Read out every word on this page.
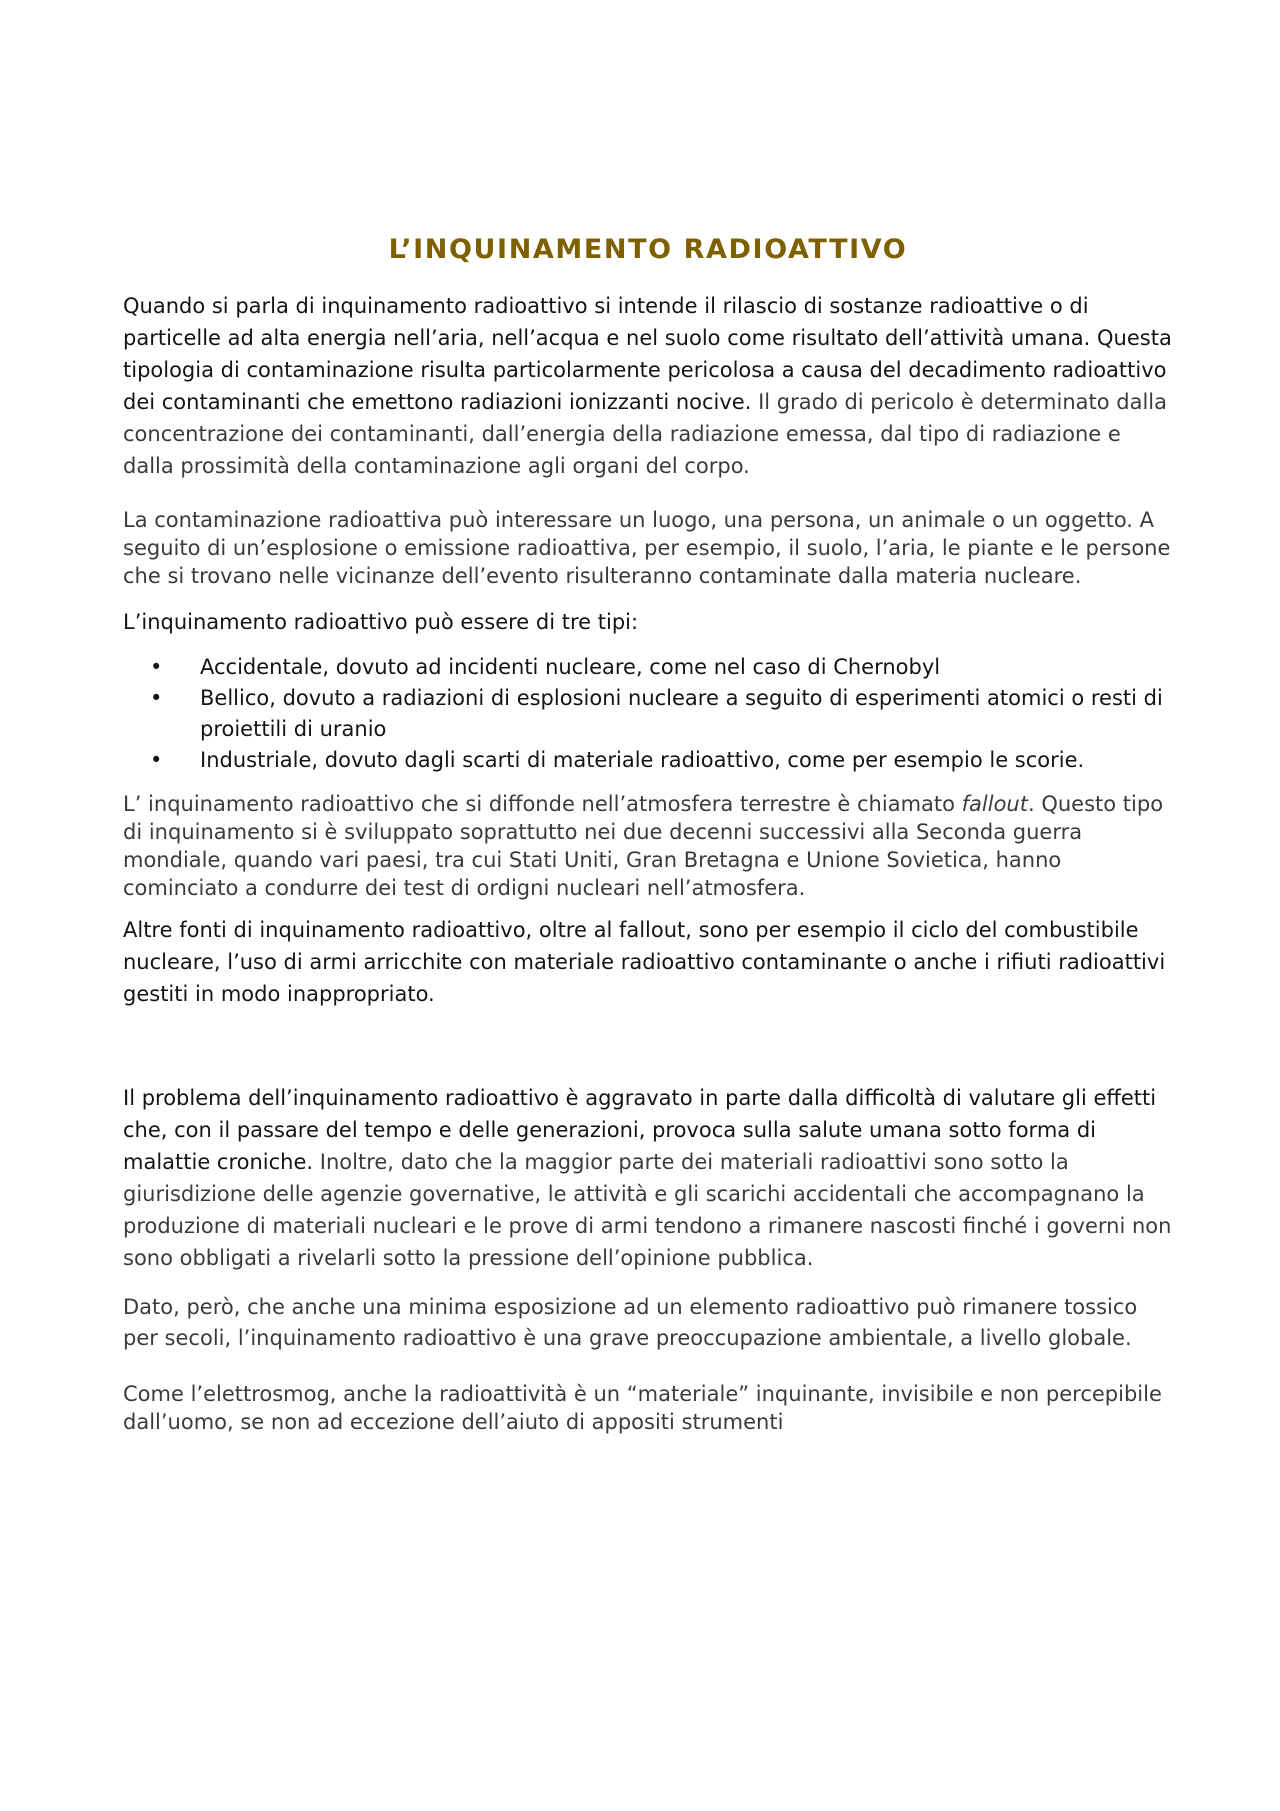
L’INQUINAMENTO RADIOATTIVO

Quando si parla di inquinamento radioattivo si intende il rilascio di sostanze radioattive o di particelle ad alta energia nell’aria, nell’acqua e nel suolo come risultato dell’attività umana. Questa tipologia di contaminazione risulta particolarmente pericolosa a causa del decadimento radioattivo dei contaminanti che emettono radiazioni ionizzanti nocive. Il grado di pericolo è determinato dalla concentrazione dei contaminanti, dall’energia della radiazione emessa, dal tipo di radiazione e dalla prossimità della contaminazione agli organi del corpo.

La contaminazione radioattiva può interessare un luogo, una persona, un animale o un oggetto. A seguito di un’esplosione o emissione radioattiva, per esempio, il suolo, l’aria, le piante e le persone che si trovano nelle vicinanze dell’evento risulteranno contaminate dalla materia nucleare.

L’inquinamento radioattivo può essere di tre tipi:

• Accidentale, dovuto ad incidenti nucleare, come nel caso di Chernobyl
• Bellico, dovuto a radiazioni di esplosioni nucleare a seguito di esperimenti atomici o resti di proiettili di uranio
• Industriale, dovuto dagli scarti di materiale radioattivo, come per esempio le scorie.

L’ inquinamento radioattivo che si diffonde nell’atmosfera terrestre è chiamato fallout. Questo tipo di inquinamento si è sviluppato soprattutto nei due decenni successivi alla Seconda guerra mondiale, quando vari paesi, tra cui Stati Uniti, Gran Bretagna e Unione Sovietica, hanno cominciato a condurre dei test di ordigni nucleari nell’atmosfera.

Altre fonti di inquinamento radioattivo, oltre al fallout, sono per esempio il ciclo del combustibile nucleare, l’uso di armi arricchite con materiale radioattivo contaminante o anche i rifiuti radioattivi gestiti in modo inappropriato.

Il problema dell’inquinamento radioattivo è aggravato in parte dalla difficoltà di valutare gli effetti che, con il passare del tempo e delle generazioni, provoca sulla salute umana sotto forma di malattie croniche. Inoltre, dato che la maggior parte dei materiali radioattivi sono sotto la giurisdizione delle agenzie governative, le attività e gli scarichi accidentali che accompagnano la produzione di materiali nucleari e le prove di armi tendono a rimanere nascosti finché i governi non sono obbligati a rivelarli sotto la pressione dell’opinione pubblica.

Dato, però, che anche una minima esposizione ad un elemento radioattivo può rimanere tossico per secoli, l’inquinamento radioattivo è una grave preoccupazione ambientale, a livello globale.

Come l’elettrosmog, anche la radioattività è un “materiale” inquinante, invisibile e non percepibile dall’uomo, se non ad eccezione dell’aiuto di appositi strumenti
